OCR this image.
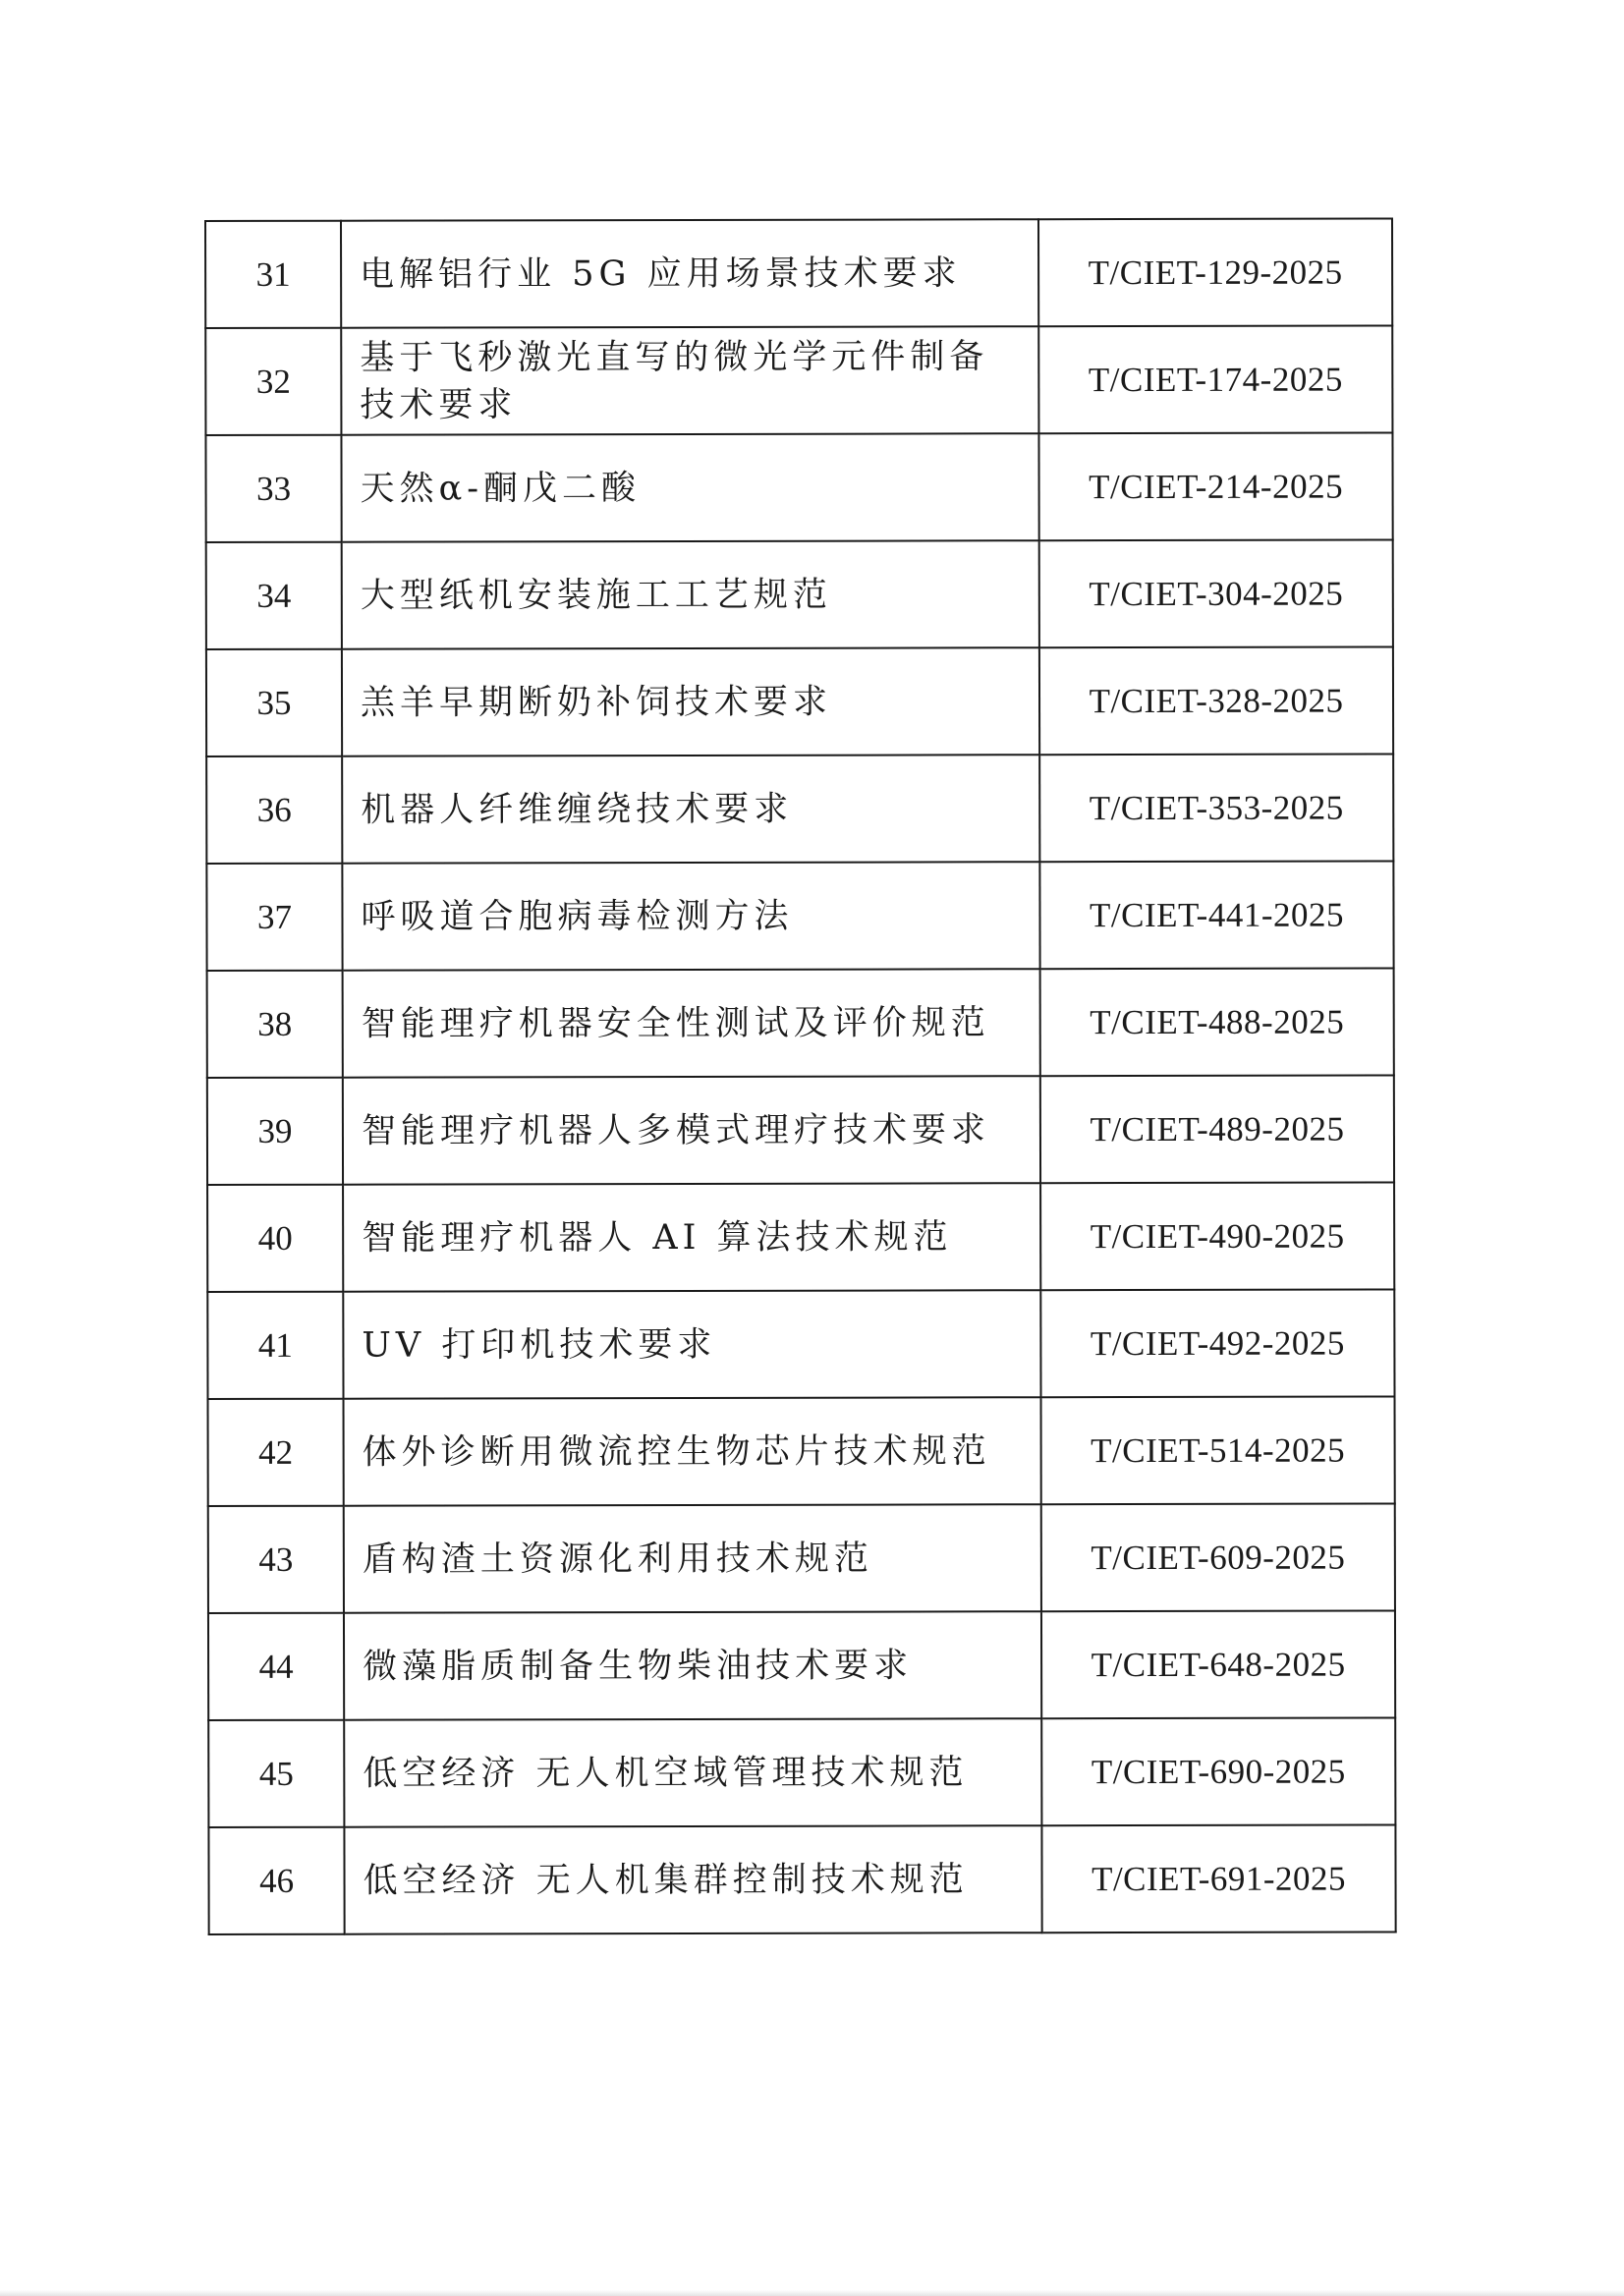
31	电解铝行业 5G 应用场景技术要求	T/CIET-129-2025
32	基于飞秒激光直写的微光学元件制备技术要求	T/CIET-174-2025
33	天然α-酮戊二酸	T/CIET-214-2025
34	大型纸机安装施工工艺规范	T/CIET-304-2025
35	羔羊早期断奶补饲技术要求	T/CIET-328-2025
36	机器人纤维缠绕技术要求	T/CIET-353-2025
37	呼吸道合胞病毒检测方法	T/CIET-441-2025
38	智能理疗机器安全性测试及评价规范	T/CIET-488-2025
39	智能理疗机器人多模式理疗技术要求	T/CIET-489-2025
40	智能理疗机器人 AI 算法技术规范	T/CIET-490-2025
41	UV 打印机技术要求	T/CIET-492-2025
42	体外诊断用微流控生物芯片技术规范	T/CIET-514-2025
43	盾构渣土资源化利用技术规范	T/CIET-609-2025
44	微藻脂质制备生物柴油技术要求	T/CIET-648-2025
45	低空经济 无人机空域管理技术规范	T/CIET-690-2025
46	低空经济 无人机集群控制技术规范	T/CIET-691-2025
